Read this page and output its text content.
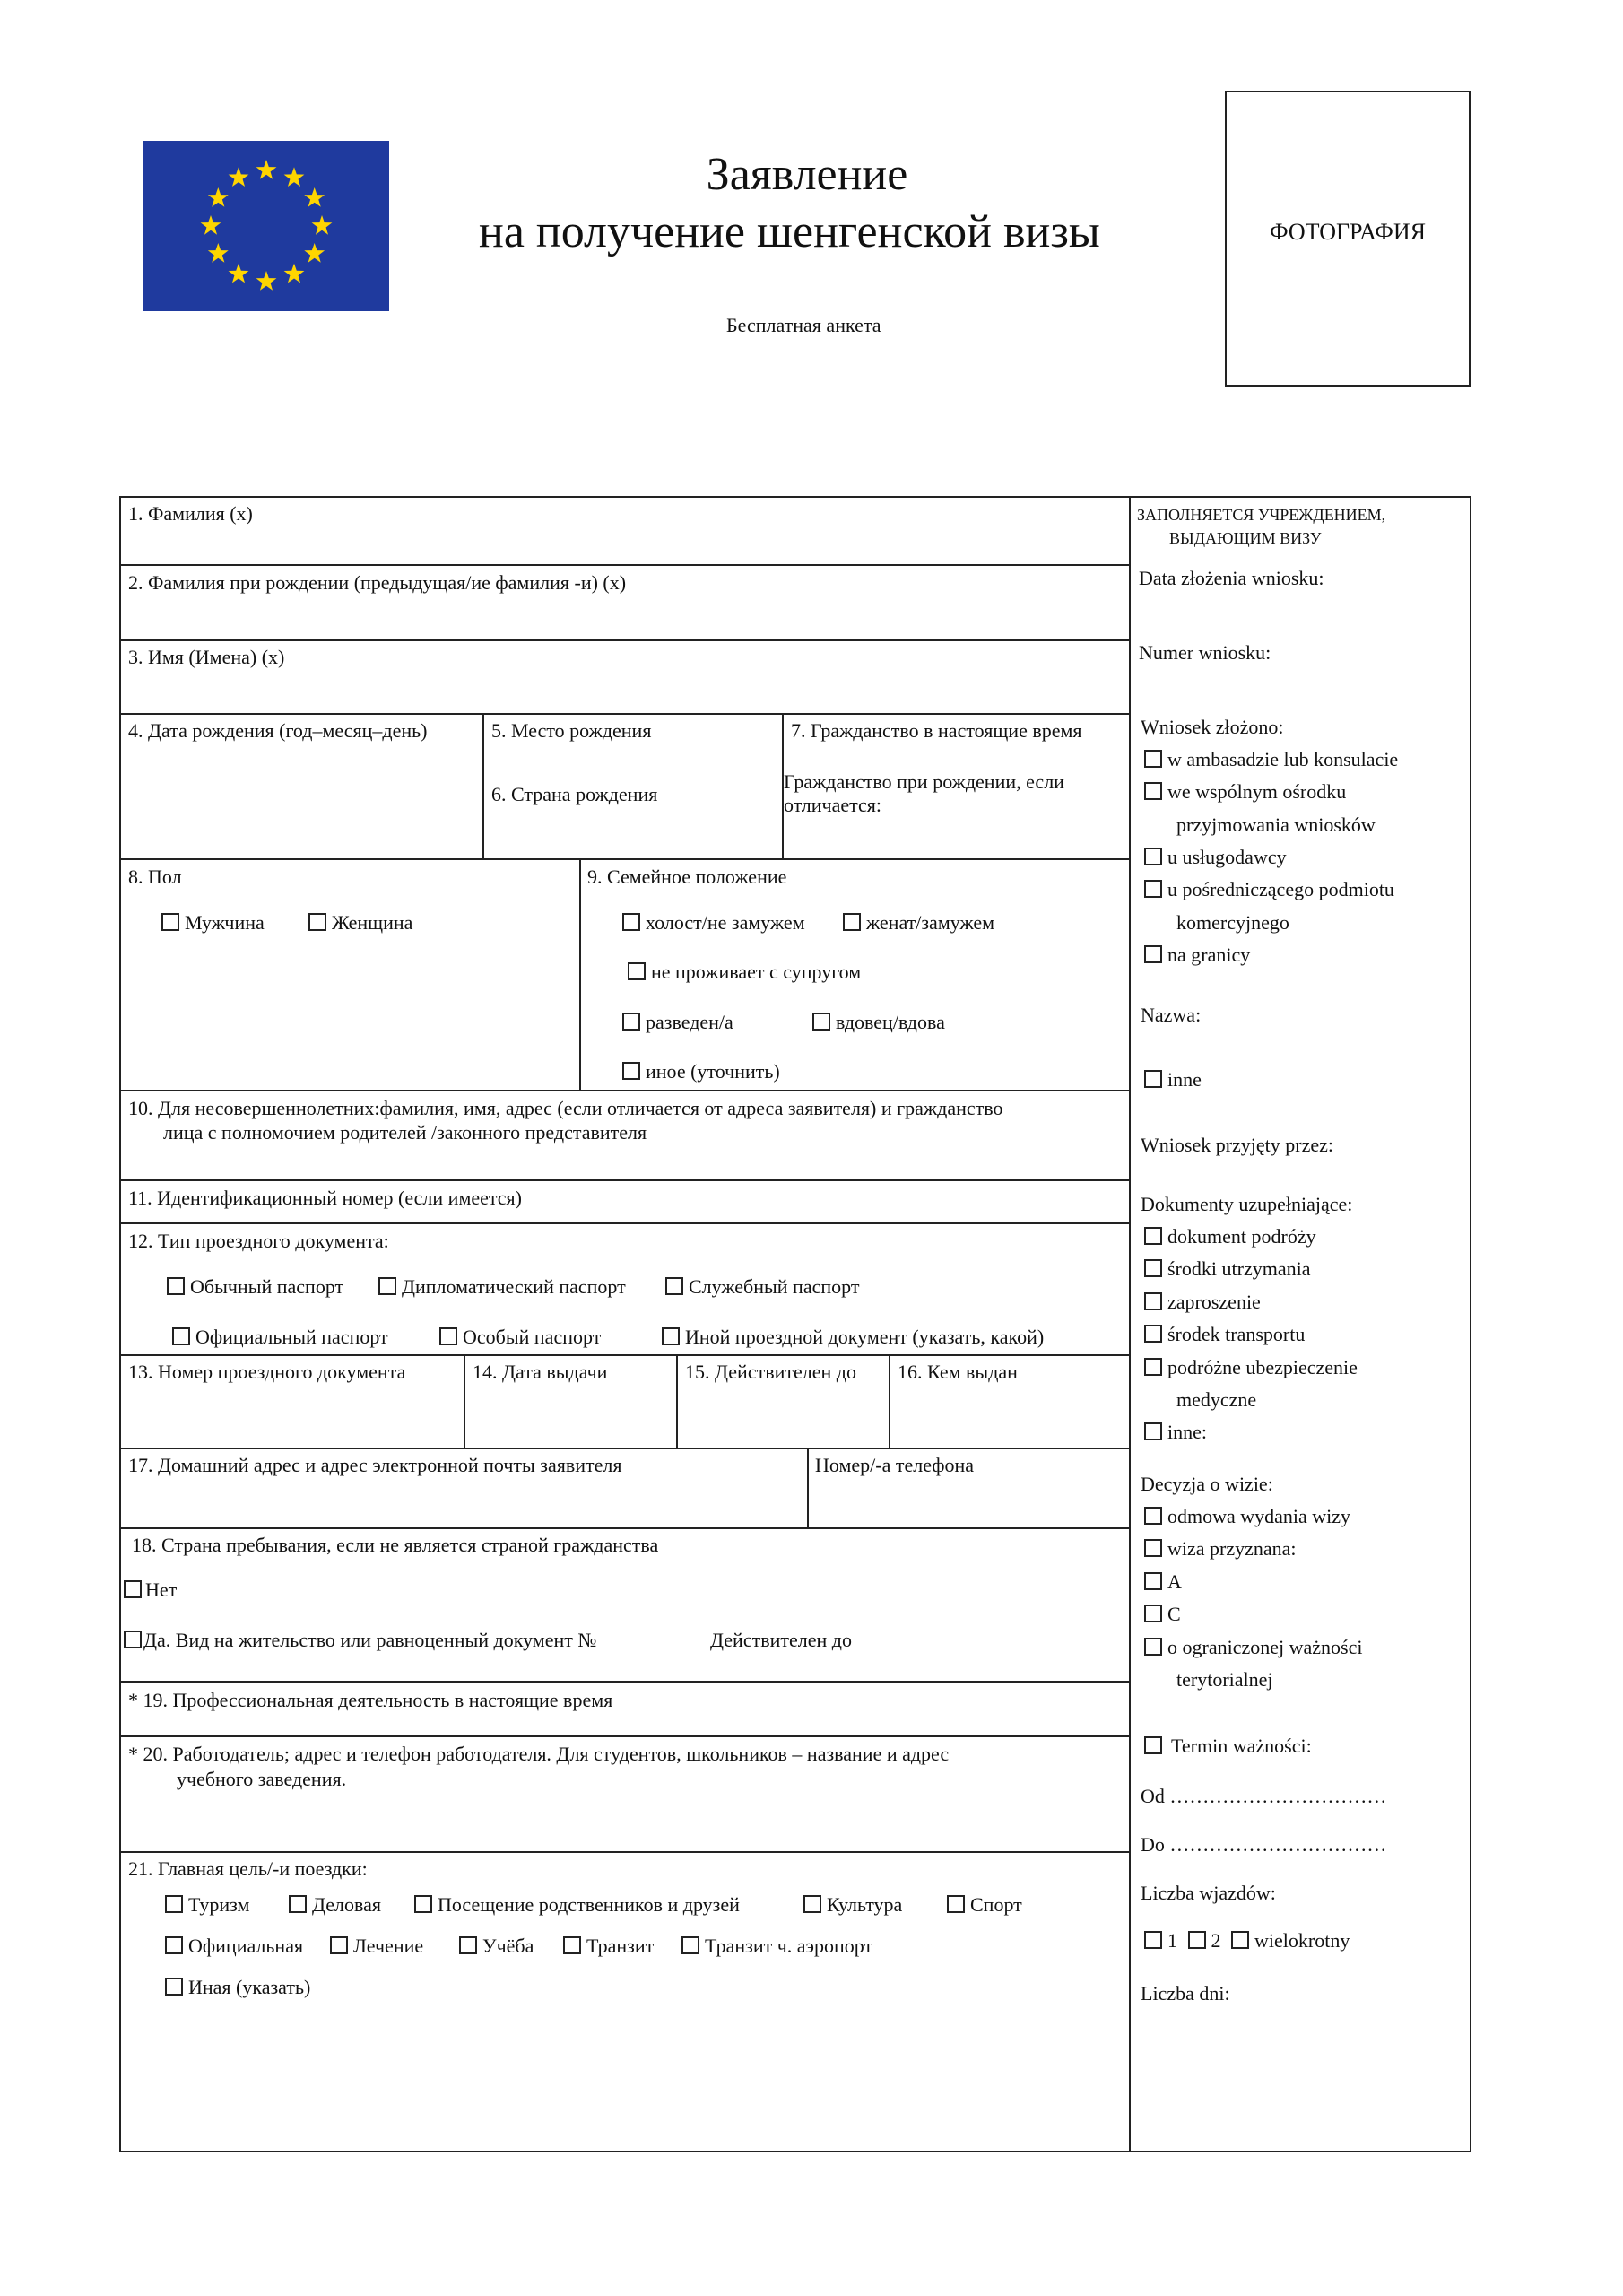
Заявление
на получение шенгенской визы
Бесплатная анкета
ФОТОГРАФИЯ
1. Фамилия (x)
2. Фамилия при рождении (предыдущая/ие фамилия -и) (x)
3. Имя (Имена) (x)
4. Дата рождения (год–месяц–день)	5. Место рождения
6. Страна рождения
7. Гражданство в настоящие время
Гражданство при рождении, если
отличается:
8. Пол
Мужчина	Женщина
9. Семейное положение
холост/не замужем	женат/замужем
не проживает с супругом
разведен/а	вдовец/вдова
иное (уточнить)
10. Для несовершеннолетних:фамилия, имя, адрес (если отличается от адреса заявителя) и гражданство
лица с полномочием родителей /законного представителя
11. Идентификационный номер (если имеется)
12. Тип проездного документа:
Обычный паспорт	Дипломатический паспорт	Служебный паспорт
Официальный паспорт	Особый паспорт	Иной проездной документ (указать, какой)
13. Номер проездного документа	14. Дата выдачи	15. Действителен до 16. Кем выдан
17. Домашний адрес и адрес электронной почты заявителя	Номер/-а телефона
18. Страна пребывания, если не является страной гражданства
Нет
Да. Вид на жительство или равноценный документ №	Действителен до
* 19. Профессиональная деятельность в настоящие время
* 20. Работодатель; адрес и телефон работодателя. Для студентов, школьников – название и адрес
учебного заведения.
21. Главная цель/-и поездки:
Туризм	Деловая	Посещение родственников и друзей	Культура	Спорт
Официальная	Лечение	Учёба	Транзит	Транзит ч. аэропорт
Иная (указать)
ЗАПОЛНЯЕТСЯ УЧРЕЖДЕНИЕМ,
ВЫДАЮЩИМ ВИЗУ
Data złożenia wniosku:
Numer wniosku:
Wniosek złożono:
w ambasadzie lub konsulacie
we wspólnym ośrodku
przyjmowania wniosków
u usługodawcy
u pośredniczącego podmiotu
komercyjnego
na granicy
Nazwa:
inne
Wniosek przyjęty przez:
Dokumenty uzupełniające:
dokument podróży
środki utrzymania
zaproszenie
środek transportu
podróżne ubezpieczenie
medyczne
inne:
Decyzja o wizie:
odmowa wydania wizy
wiza przyznana:
A
C
o ograniczonej ważności
terytorialnej
Termin ważności:
Od ……………………………
Do ……………………………
Liczba wjazdów:
1 2 wielokrotny
Liczba dni:
